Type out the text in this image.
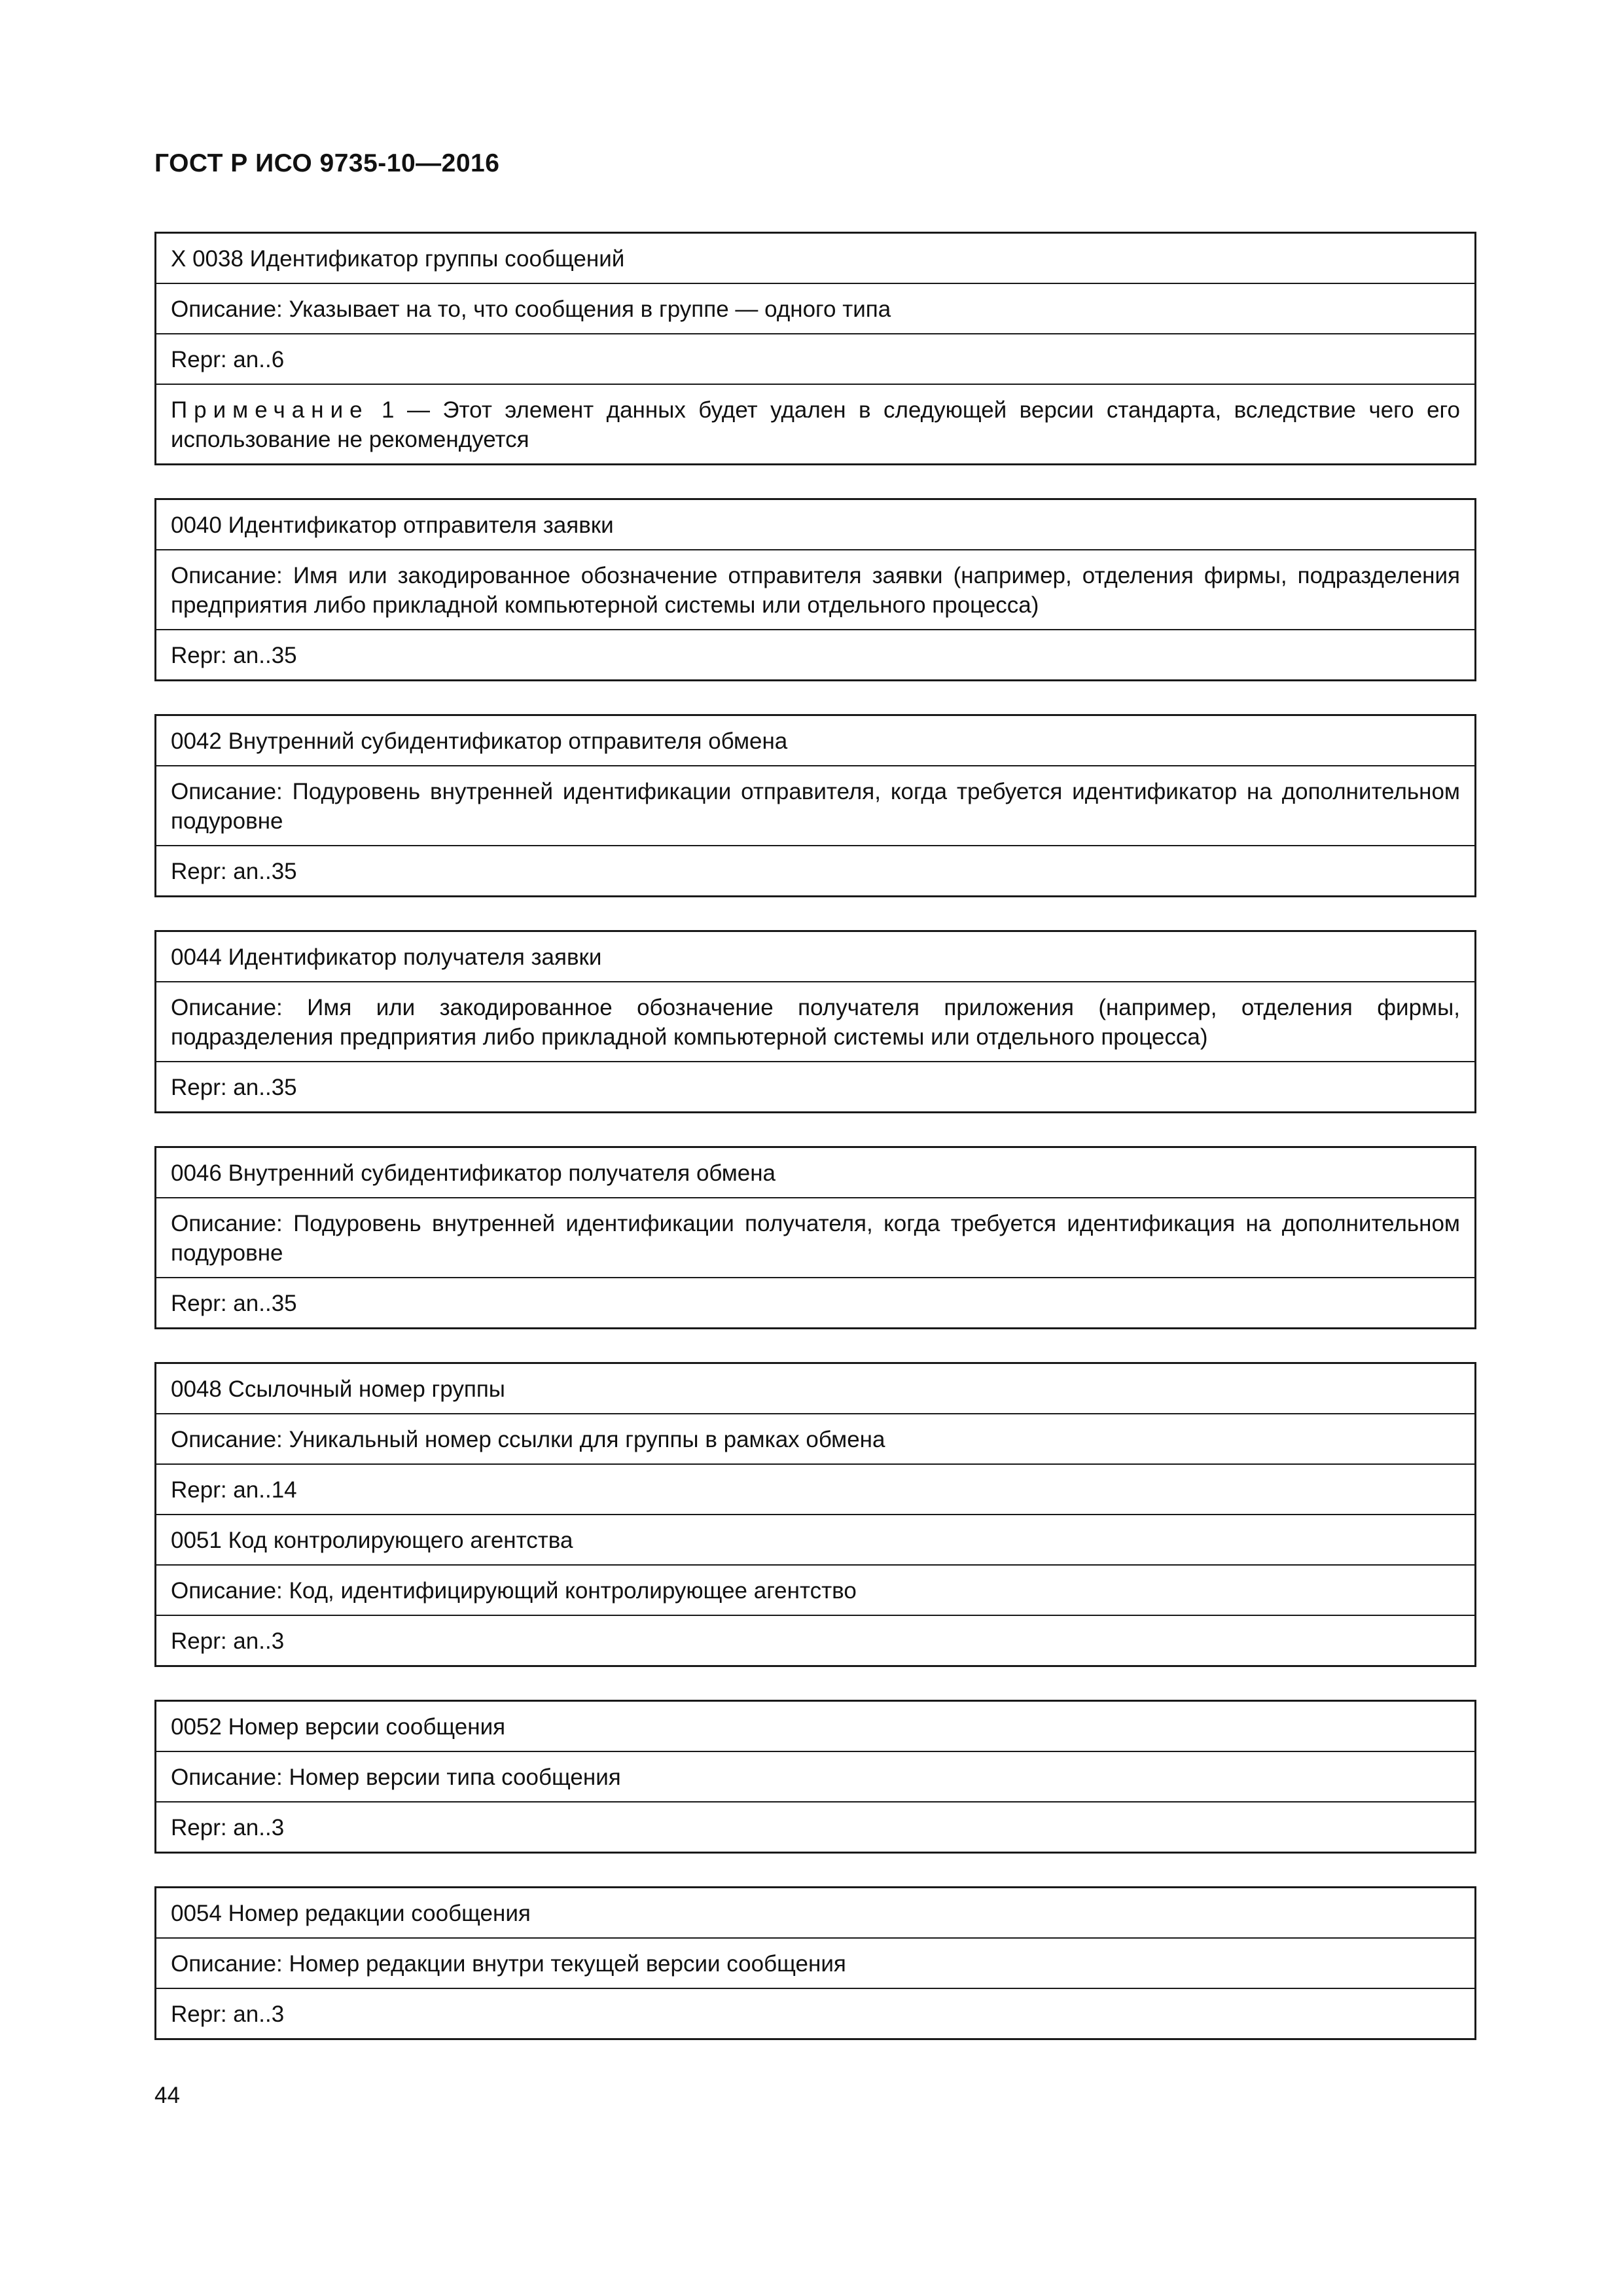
ГОСТ Р ИСО 9735-10—2016
X 0038 Идентификатор группы сообщений
Описание: Указывает на то, что сообщения в группе — одного типа
Repr: an..6
Примечание 1 — Этот элемент данных будет удален в следующей версии стандарта, вследствие чего его использование не рекомендуется
0040 Идентификатор отправителя заявки
Описание: Имя или закодированное обозначение отправителя заявки (например, отделения фирмы, подразделения предприятия либо прикладной компьютерной системы или отдельного процесса)
Repr: an..35
0042 Внутренний субидентификатор отправителя обмена
Описание: Подуровень внутренней идентификации отправителя, когда требуется идентификатор на дополнительном подуровне
Repr: an..35
0044 Идентификатор получателя заявки
Описание: Имя или закодированное обозначение получателя приложения (например, отделения фирмы, подразделения предприятия либо прикладной компьютерной системы или отдельного процесса)
Repr: an..35
0046 Внутренний субидентификатор получателя обмена
Описание: Подуровень внутренней идентификации получателя, когда требуется идентификация на дополнительном подуровне
Repr: an..35
0048 Ссылочный номер группы
Описание: Уникальный номер ссылки для группы в рамках обмена
Repr: an..14
0051 Код контролирующего агентства
Описание: Код, идентифицирующий контролирующее агентство
Repr: an..3
0052 Номер версии сообщения
Описание: Номер версии типа сообщения
Repr: an..3
0054 Номер редакции сообщения
Описание: Номер редакции внутри текущей версии сообщения
Repr: an..3
44
